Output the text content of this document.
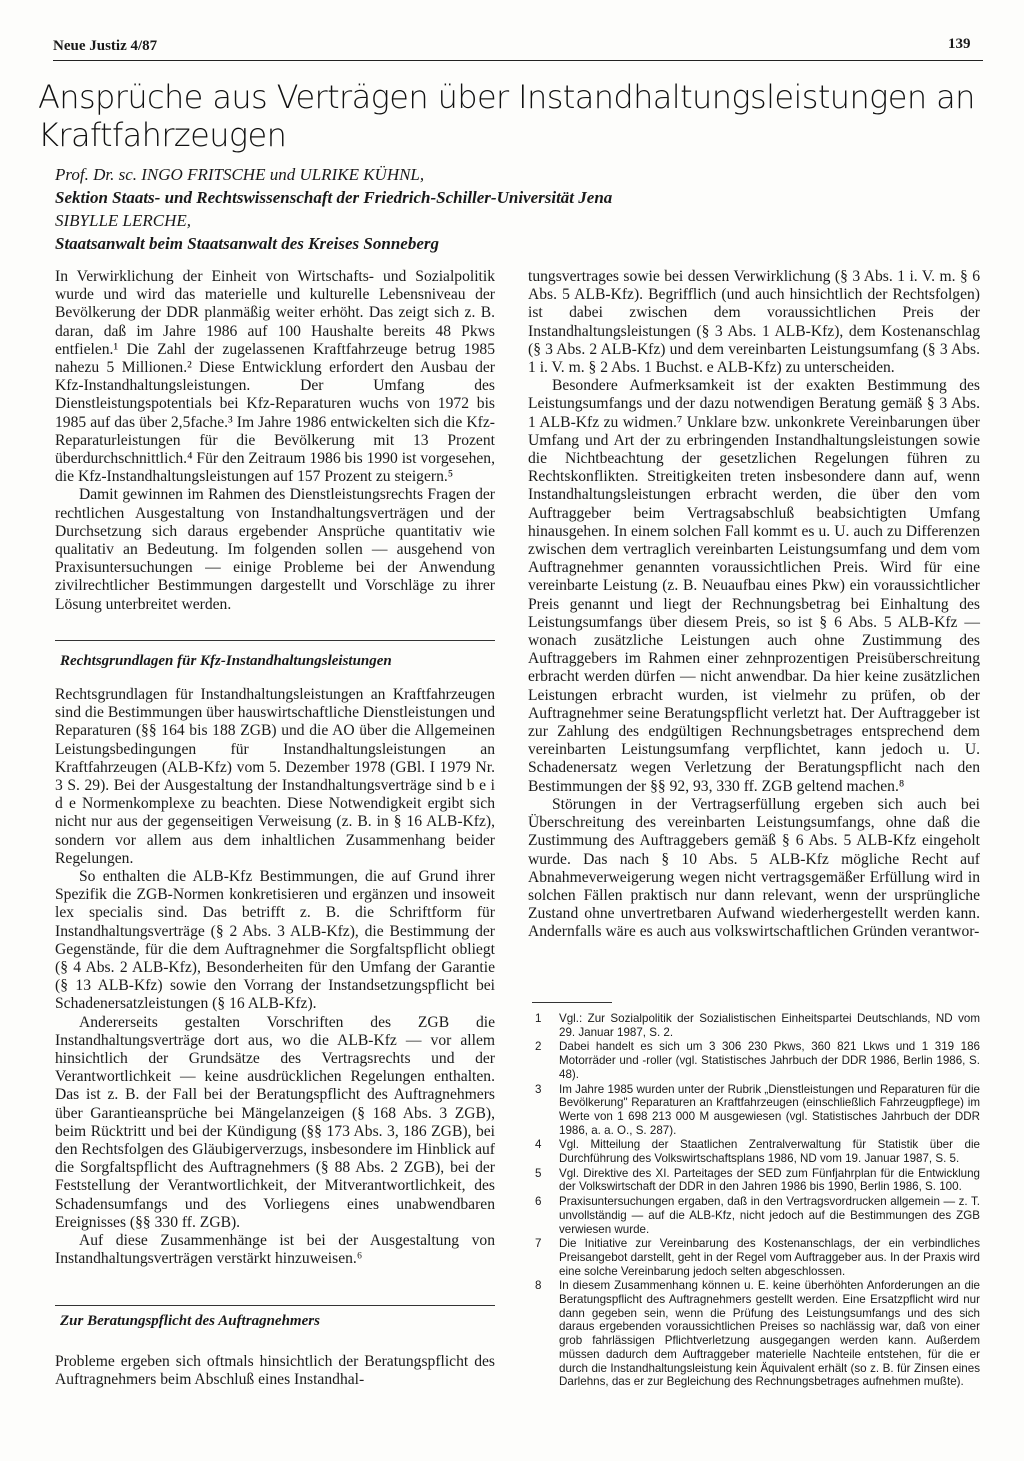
Neue Justiz 4/87	139
Ansprüche aus Verträgen über Instandhaltungsleistungen an Kraftfahrzeugen
Prof. Dr. sc. INGO FRITSCHE und ULRIKE KÜHNL,
Sektion Staats- und Rechtswissenschaft der Friedrich-Schiller-Universität Jena
SIBYLLE LERCHE,
Staatsanwalt beim Staatsanwalt des Kreises Sonneberg

In Verwirklichung der Einheit von Wirtschafts- und Sozialpolitik wurde und wird das materielle und kulturelle Lebensniveau der Bevölkerung der DDR planmäßig weiter erhöht. Das zeigt sich z. B. daran, daß im Jahre 1986 auf 100 Haushalte bereits 48 Pkws entfielen.¹ Die Zahl der zugelassenen Kraftfahrzeuge betrug 1985 nahezu 5 Millionen.² Diese Entwicklung erfordert den Ausbau der Kfz-Instandhaltungsleistungen. Der Umfang des Dienstleistungspotentials bei Kfz-Reparaturen wuchs von 1972 bis 1985 auf das über 2,5fache.³ Im Jahre 1986 entwickelten sich die Kfz-Reparaturleistungen für die Bevölkerung mit 13 Prozent überdurchschnittlich.⁴ Für den Zeitraum 1986 bis 1990 ist vorgesehen, die Kfz-Instandhaltungsleistungen auf 157 Prozent zu steigern.⁵

Damit gewinnen im Rahmen des Dienstleistungsrechts Fragen der rechtlichen Ausgestaltung von Instandhaltungsverträgen und der Durchsetzung sich daraus ergebender Ansprüche quantitativ wie qualitativ an Bedeutung. Im folgenden sollen — ausgehend von Praxisuntersuchungen — einige Probleme bei der Anwendung zivilrechtlicher Bestimmungen dargestellt und Vorschläge zu ihrer Lösung unterbreitet werden.

Rechtsgrundlagen für Kfz-Instandhaltungsleistungen

Rechtsgrundlagen für Instandhaltungsleistungen an Kraftfahrzeugen sind die Bestimmungen über hauswirtschaftliche Dienstleistungen und Reparaturen (§§ 164 bis 188 ZGB) und die AO über die Allgemeinen Leistungsbedingungen für Instandhaltungsleistungen an Kraftfahrzeugen (ALB-Kfz) vom 5. Dezember 1978 (GBl. I 1979 Nr. 3 S. 29). Bei der Ausgestaltung der Instandhaltungsverträge sind b e i d e Normenkomplexe zu beachten. Diese Notwendigkeit ergibt sich nicht nur aus der gegenseitigen Verweisung (z. B. in § 16 ALB-Kfz), sondern vor allem aus dem inhaltlichen Zusammenhang beider Regelungen.

So enthalten die ALB-Kfz Bestimmungen, die auf Grund ihrer Spezifik die ZGB-Normen konkretisieren und ergänzen und insoweit lex specialis sind. Das betrifft z. B. die Schriftform für Instandhaltungsverträge (§ 2 Abs. 3 ALB-Kfz), die Bestimmung der Gegenstände, für die dem Auftragnehmer die Sorgfaltspflicht obliegt (§ 4 Abs. 2 ALB-Kfz), Besonderheiten für den Umfang der Garantie (§ 13 ALB-Kfz) sowie den Vorrang der Instandsetzungspflicht bei Schadenersatzleistungen (§ 16 ALB-Kfz).

Andererseits gestalten Vorschriften des ZGB die Instandhaltungsverträge dort aus, wo die ALB-Kfz — vor allem hinsichtlich der Grundsätze des Vertragsrechts und der Verantwortlichkeit — keine ausdrücklichen Regelungen enthalten. Das ist z. B. der Fall bei der Beratungspflicht des Auftragnehmers über Garantieansprüche bei Mängelanzeigen (§ 168 Abs. 3 ZGB), beim Rücktritt und bei der Kündigung (§§ 173 Abs. 3, 186 ZGB), bei den Rechtsfolgen des Gläubigerverzugs, insbesondere im Hinblick auf die Sorgfaltspflicht des Auftragnehmers (§ 88 Abs. 2 ZGB), bei der Feststellung der Verantwortlichkeit, der Mitverantwortlichkeit, des Schadensumfangs und des Vorliegens eines unabwendbaren Ereignisses (§§ 330 ff. ZGB).

Auf diese Zusammenhänge ist bei der Ausgestaltung von Instandhaltungsverträgen verstärkt hinzuweisen.⁶

Zur Beratungspflicht des Auftragnehmers

Probleme ergeben sich oftmals hinsichtlich der Beratungspflicht des Auftragnehmers beim Abschluß eines Instandhal-

tungsvertrages sowie bei dessen Verwirklichung (§ 3 Abs. 1 i. V. m. § 6 Abs. 5 ALB-Kfz). Begrifflich (und auch hinsichtlich der Rechtsfolgen) ist dabei zwischen dem voraussichtlichen Preis der Instandhaltungsleistungen (§ 3 Abs. 1 ALB-Kfz), dem Kostenanschlag (§ 3 Abs. 2 ALB-Kfz) und dem vereinbarten Leistungsumfang (§ 3 Abs. 1 i. V. m. § 2 Abs. 1 Buchst. e ALB-Kfz) zu unterscheiden.

Besondere Aufmerksamkeit ist der exakten Bestimmung des Leistungsumfangs und der dazu notwendigen Beratung gemäß § 3 Abs. 1 ALB-Kfz zu widmen.⁷ Unklare bzw. unkonkrete Vereinbarungen über Umfang und Art der zu erbringenden Instandhaltungsleistungen sowie die Nichtbeachtung der gesetzlichen Regelungen führen zu Rechtskonflikten. Streitigkeiten treten insbesondere dann auf, wenn Instandhaltungsleistungen erbracht werden, die über den vom Auftraggeber beim Vertragsabschluß beabsichtigten Umfang hinausgehen. In einem solchen Fall kommt es u. U. auch zu Differenzen zwischen dem vertraglich vereinbarten Leistungsumfang und dem vom Auftragnehmer genannten voraussichtlichen Preis. Wird für eine vereinbarte Leistung (z. B. Neuaufbau eines Pkw) ein voraussichtlicher Preis genannt und liegt der Rechnungsbetrag bei Einhaltung des Leistungsumfangs über diesem Preis, so ist § 6 Abs. 5 ALB-Kfz — wonach zusätzliche Leistungen auch ohne Zustimmung des Auftraggebers im Rahmen einer zehnprozentigen Preisüberschreitung erbracht werden dürfen — nicht anwendbar. Da hier keine zusätzlichen Leistungen erbracht wurden, ist vielmehr zu prüfen, ob der Auftragnehmer seine Beratungspflicht verletzt hat. Der Auftraggeber ist zur Zahlung des endgültigen Rechnungsbetrages entsprechend dem vereinbarten Leistungsumfang verpflichtet, kann jedoch u. U. Schadenersatz wegen Verletzung der Beratungspflicht nach den Bestimmungen der §§ 92, 93, 330 ff. ZGB geltend machen.⁸

Störungen in der Vertragserfüllung ergeben sich auch bei Überschreitung des vereinbarten Leistungsumfangs, ohne daß die Zustimmung des Auftraggebers gemäß § 6 Abs. 5 ALB-Kfz eingeholt wurde. Das nach § 10 Abs. 5 ALB-Kfz mögliche Recht auf Abnahmeverweigerung wegen nicht vertragsgemäßer Erfüllung wird in solchen Fällen praktisch nur dann relevant, wenn der ursprüngliche Zustand ohne unvertretbaren Aufwand wiederhergestellt werden kann. Andernfalls wäre es auch aus volkswirtschaftlichen Gründen verantwor-

1	Vgl.: Zur Sozialpolitik der Sozialistischen Einheitspartei Deutschlands, ND vom 29. Januar 1987, S. 2.
2	Dabei handelt es sich um 3 306 230 Pkws, 360 821 Lkws und 1 319 186 Motorräder und -roller (vgl. Statistisches Jahrbuch der DDR 1986, Berlin 1986, S. 48).
3	Im Jahre 1985 wurden unter der Rubrik „Dienstleistungen und Reparaturen für die Bevölkerung" Reparaturen an Kraftfahrzeugen (einschließlich Fahrzeugpflege) im Werte von 1 698 213 000 M ausgewiesen (vgl. Statistisches Jahrbuch der DDR 1986, a. a. O., S. 287).
4	Vgl. Mitteilung der Staatlichen Zentralverwaltung für Statistik über die Durchführung des Volkswirtschaftsplans 1986, ND vom 19. Januar 1987, S. 5.
5	Vgl. Direktive des XI. Parteitages der SED zum Fünfjahrplan für die Entwicklung der Volkswirtschaft der DDR in den Jahren 1986 bis 1990, Berlin 1986, S. 100.
6	Praxisuntersuchungen ergaben, daß in den Vertragsvordrucken allgemein — z. T. unvollständig — auf die ALB-Kfz, nicht jedoch auf die Bestimmungen des ZGB verwiesen wurde.
7	Die Initiative zur Vereinbarung des Kostenanschlags, der ein verbindliches Preisangebot darstellt, geht in der Regel vom Auftraggeber aus. In der Praxis wird eine solche Vereinbarung jedoch selten abgeschlossen.
8	In diesem Zusammenhang können u. E. keine überhöhten Anforderungen an die Beratungspflicht des Auftragnehmers gestellt werden. Eine Ersatzpflicht wird nur dann gegeben sein, wenn die Prüfung des Leistungsumfangs und des sich daraus ergebenden voraussichtlichen Preises so nachlässig war, daß von einer grob fahrlässigen Pflichtverletzung ausgegangen werden kann. Außerdem müssen dadurch dem Auftraggeber materielle Nachteile entstehen, für die er durch die Instandhaltungsleistung kein Äquivalent erhält (so z. B. für Zinsen eines Darlehns, das er zur Begleichung des Rechnungsbetrages aufnehmen mußte).
